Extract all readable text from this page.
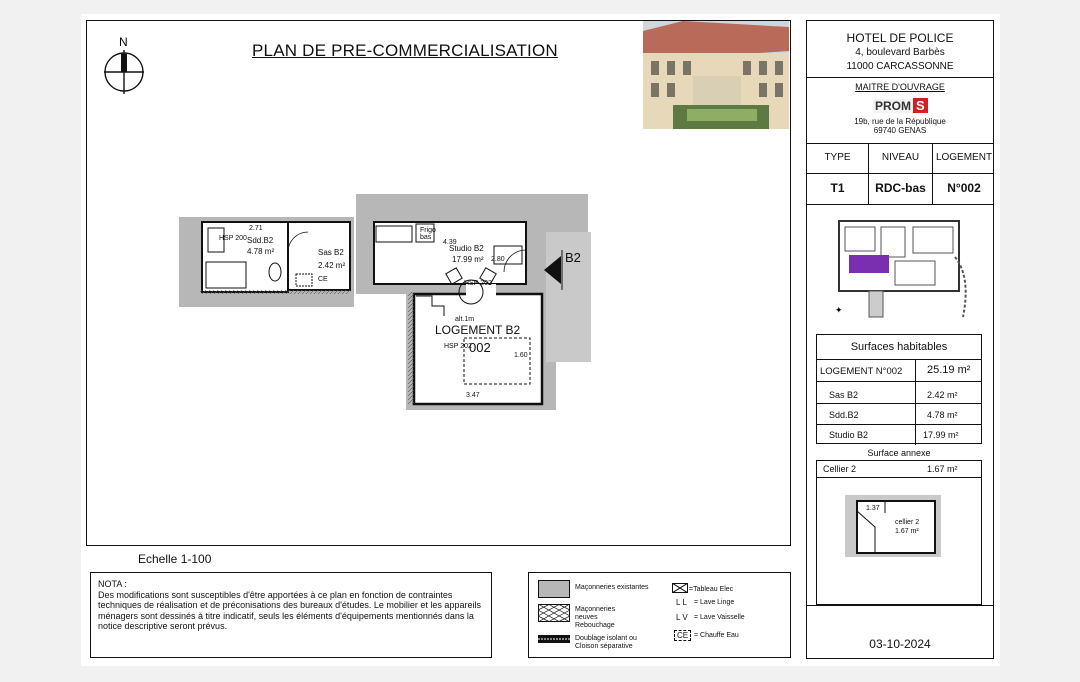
N	PLAN DE PRE-COMMERCIALISATION
HSP 200
2.71
Sdd.B2
4.78 m²	Sas B2
2.42 m²
CE
Frigo bas
4.39
Studio B2
17.99 m² 2.80
HSP 202
alt.1m
LOGEMENT B2
HSP 202
002
1.60
3.47
B2
Echelle 1-100
NOTA :
Des modifications sont susceptibles d'être apportées à ce plan en fonction de contraintes techniques de réalisation et de préconisations des bureaux d'études. Le mobilier et les appareils ménagers sont dessinés à titre indicatif, seuls les éléments d'équipements mentionnés dans la notice descriptive seront prévus.
Maçonneries existantes
Maçonneries neuves Rebouchage
Doublage isolant ou Cloison séparative
=Tableau Elec
L L = Lave Linge
L V = Lave Vaisselle
CE = Chauffe Eau
HOTEL DE POLICE
4, boulevard Barbès
11000 CARCASSONNE
MAITRE D'OUVRAGE
PROM S
19b, rue de la République
69740 GENAS
TYPE	NIVEAU	LOGEMENT
T1	RDC-bas	N°002
✦
03-10-2024
Surfaces habitables
LOGEMENT N°002 25.19 m²
Sas B2	2.42 m²
Sdd.B2	4.78 m²
Studio B2	17.99 m²
Surface annexe
Cellier 2	1.67 m²
1.37
cellier 2
1.67 m²
